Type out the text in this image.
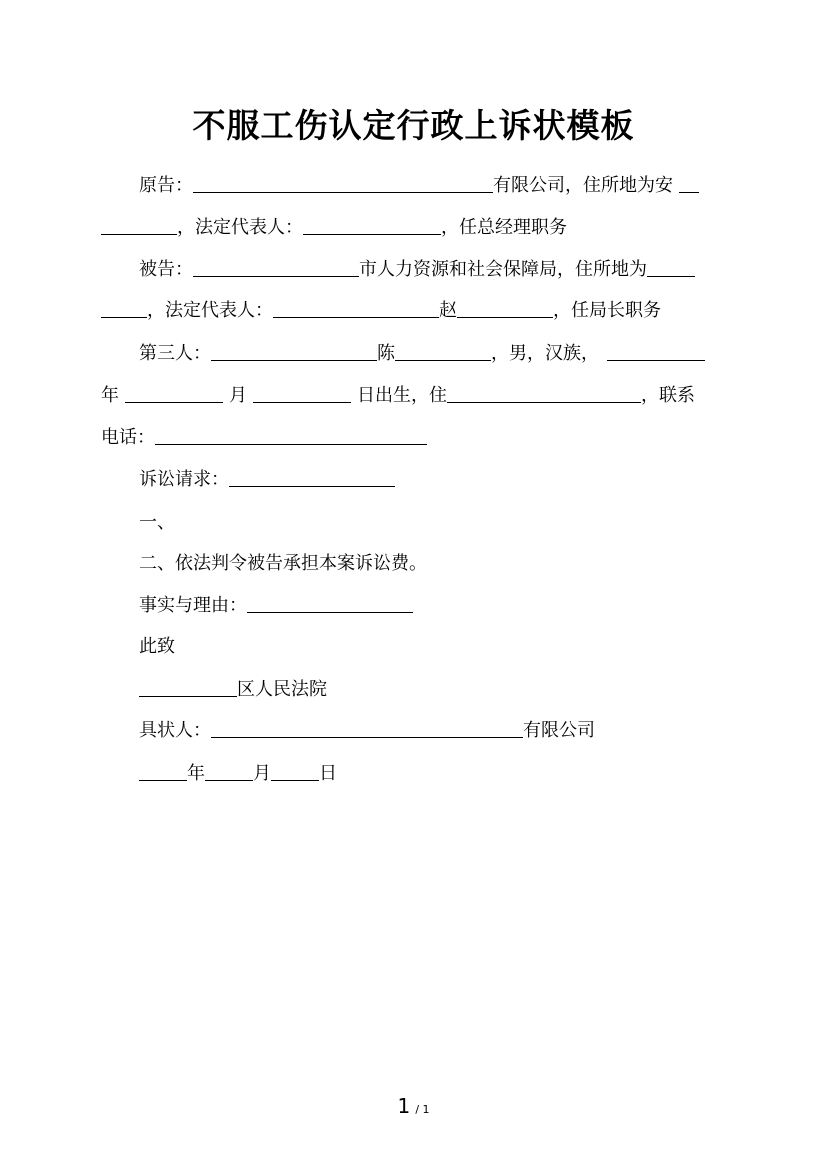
不服工伤认定行政上诉状模板
原告：	有限公司，住所地为安
，法定代表人：	，任总经理职务
被告：	市人力资源和社会保障局，住所地为
，法定代表人：	赵	，任局长职务
第三人：	陈	，男，汉族，
年	月	日出生，住	，联系
电话：
诉讼请求：
一、
二、依法判令被告承担本案诉讼费。
事实与理由：
此致
区人民法院
具状人：	有限公司
年	月	日
1 / 1
